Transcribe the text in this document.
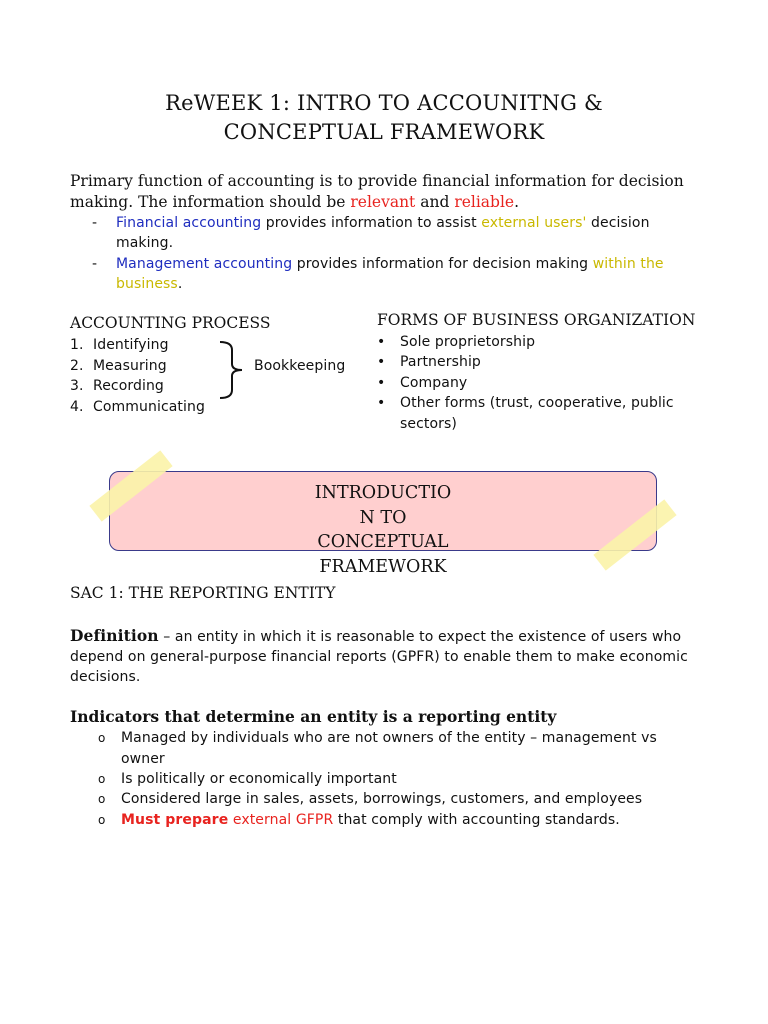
ReWEEK 1: INTRO TO ACCOUNITNG &
CONCEPTUAL FRAMEWORK
Primary function of accounting is to provide financial information for decision making. The information should be relevant and reliable.
- Financial accounting provides information to assist external users' decision making.
- Management accounting provides information for decision making within the business.
ACCOUNTING PROCESS
1. Identifying
2. Measuring
3. Recording
4. Communicating
Bookkeeping
FORMS OF BUSINESS ORGANIZATION
• Sole proprietorship
• Partnership
• Company
• Other forms (trust, cooperative, public sectors)
INTRODUCTIO
N TO
CONCEPTUAL
FRAMEWORK
SAC 1: THE REPORTING ENTITY
Definition – an entity in which it is reasonable to expect the existence of users who depend on general-purpose financial reports (GPFR) to enable them to make economic decisions.
Indicators that determine an entity is a reporting entity
o Managed by individuals who are not owners of the entity – management vs owner
o Is politically or economically important
o Considered large in sales, assets, borrowings, customers, and employees
o Must prepare external GFPR that comply with accounting standards.
